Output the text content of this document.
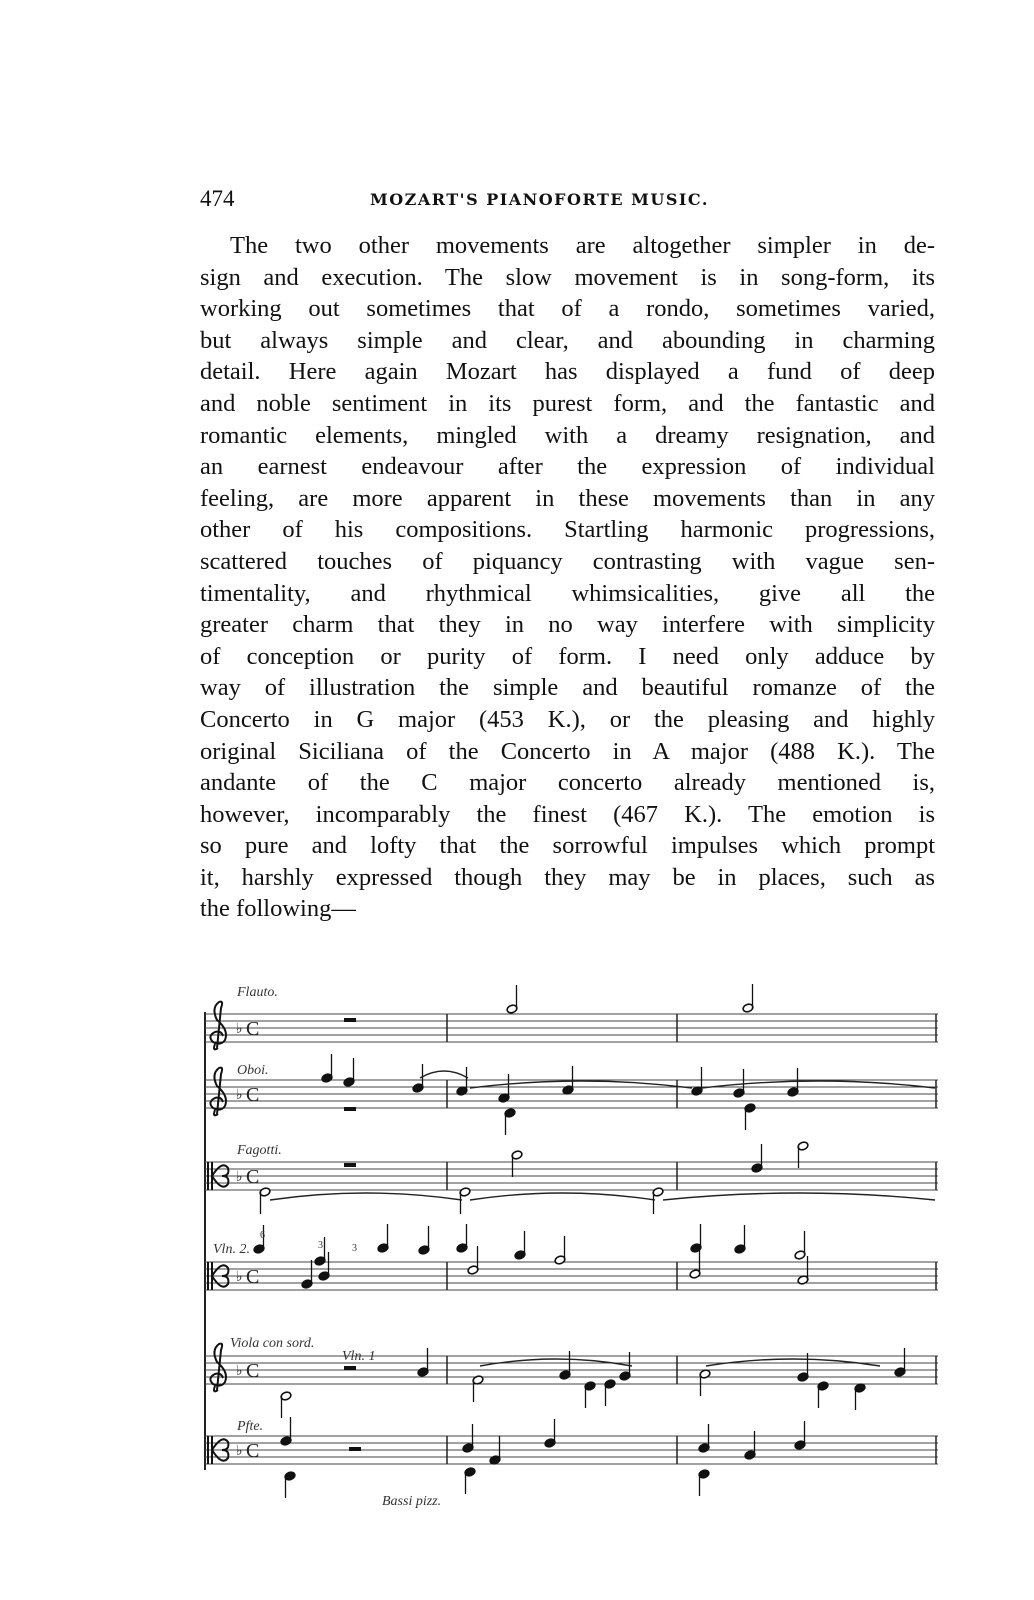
474	MOZART'S PIANOFORTE MUSIC.
The two other movements are altogether simpler in de-
sign and execution. The slow movement is in song-form, its
working out sometimes that of a rondo, sometimes varied,
but always simple and clear, and abounding in charming
detail. Here again Mozart has displayed a fund of deep
and noble sentiment in its purest form, and the fantastic and
romantic elements, mingled with a dreamy resignation, and
an earnest endeavour after the expression of individual
feeling, are more apparent in these movements than in any
other of his compositions. Startling harmonic progressions,
scattered touches of piquancy contrasting with vague sen-
timentality, and rhythmical whimsicalities, give all the
greater charm that they in no way interfere with simplicity
of conception or purity of form. I need only adduce by
way of illustration the simple and beautiful romanze of the
Concerto in G major (453 K.), or the pleasing and highly
original Siciliana of the Concerto in A major (488 K.). The
andante of the C major concerto already mentioned is,
however, incomparably the finest (467 K.). The emotion is
so pure and lofty that the sorrowful impulses which prompt
it, harshly expressed though they may be in places, such as
the following—
♭ C
♭ C
♭ C
♭ C
♭ C
♭ C
Flauto.
Oboi.
Fagotti.
Vln. 2.
Viola con sord.
Vln. 1
Pfte.
Bassi pizz.
6
3	3
